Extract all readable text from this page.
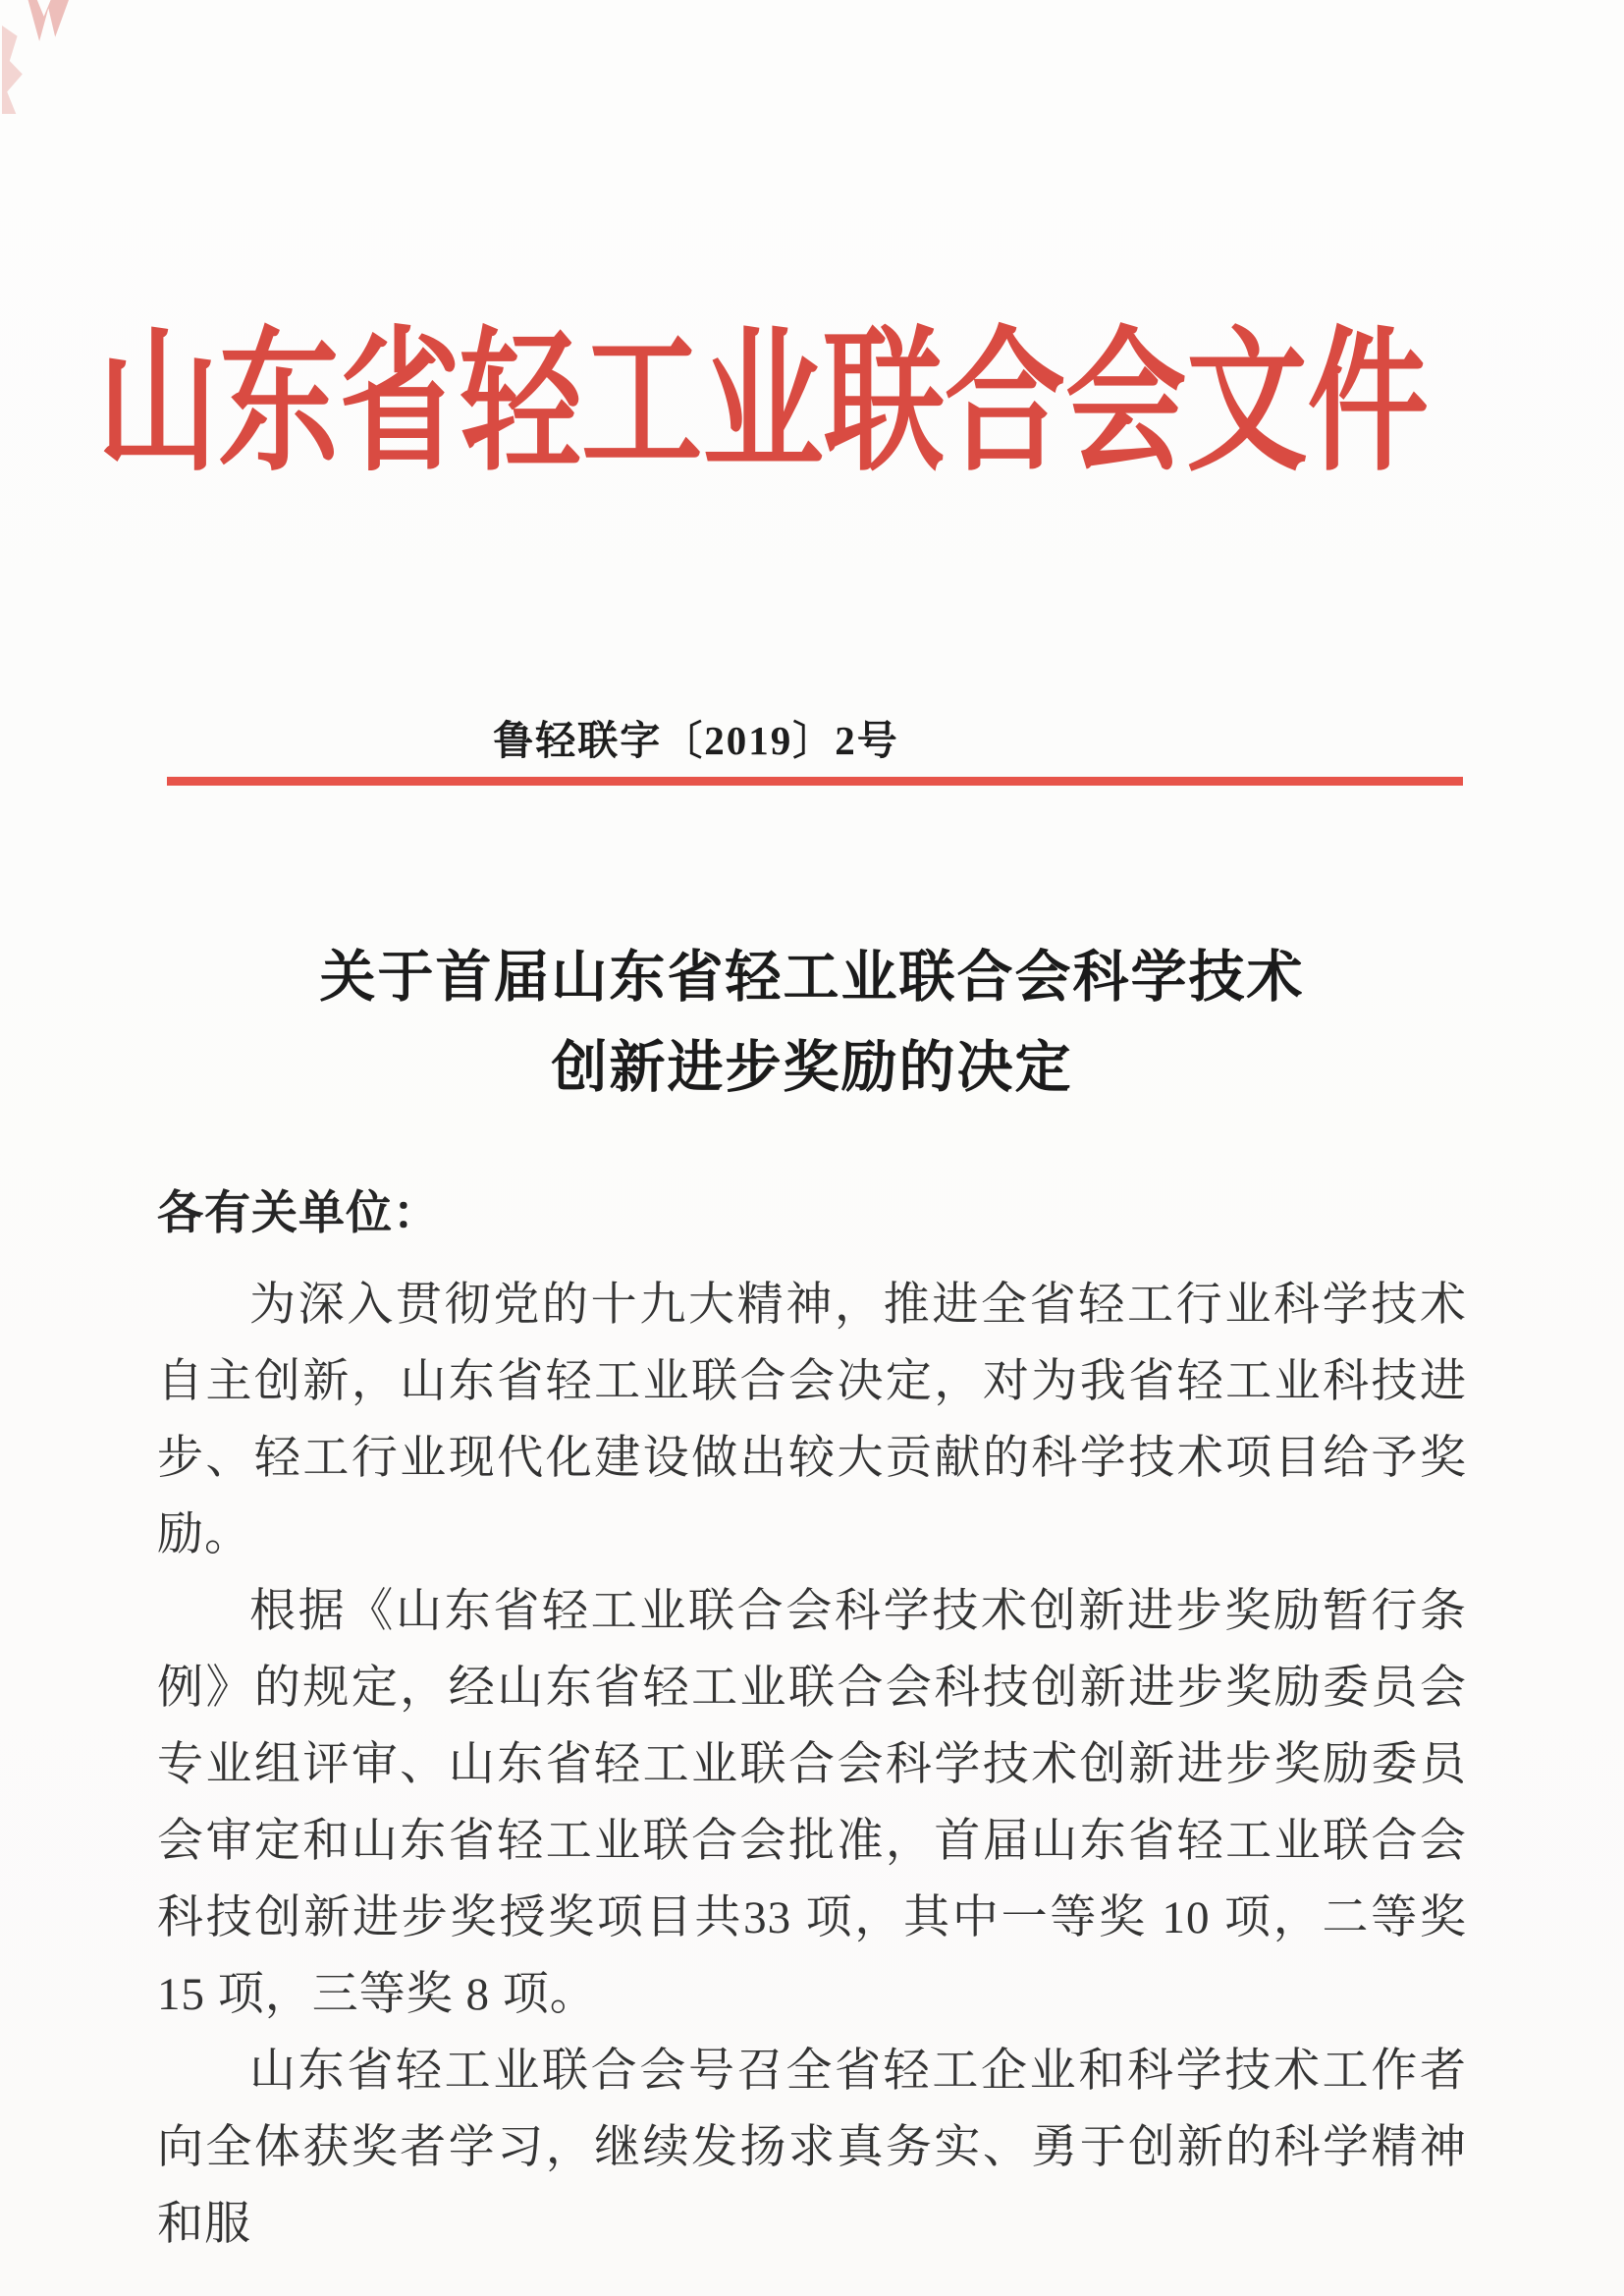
山东省轻工业联合会文件
鲁轻联字〔2019〕2号
关于首届山东省轻工业联合会科学技术
创新进步奖励的决定
各有关单位：

为深入贯彻党的十九大精神，推进全省轻工行业科学技术自主创新，山东省轻工业联合会决定，对为我省轻工业科技进步、轻工行业现代化建设做出较大贡献的科学技术项目给予奖励。

根据《山东省轻工业联合会科学技术创新进步奖励暂行条例》的规定，经山东省轻工业联合会科技创新进步奖励委员会专业组评审、山东省轻工业联合会科学技术创新进步奖励委员会审定和山东省轻工业联合会批准，首届山东省轻工业联合会科技创新进步奖授奖项目共33 项，其中一等奖 10 项，二等奖 15 项，三等奖 8 项。

山东省轻工业联合会号召全省轻工企业和科学技术工作者向全体获奖者学习，继续发扬求真务实、勇于创新的科学精神和服
